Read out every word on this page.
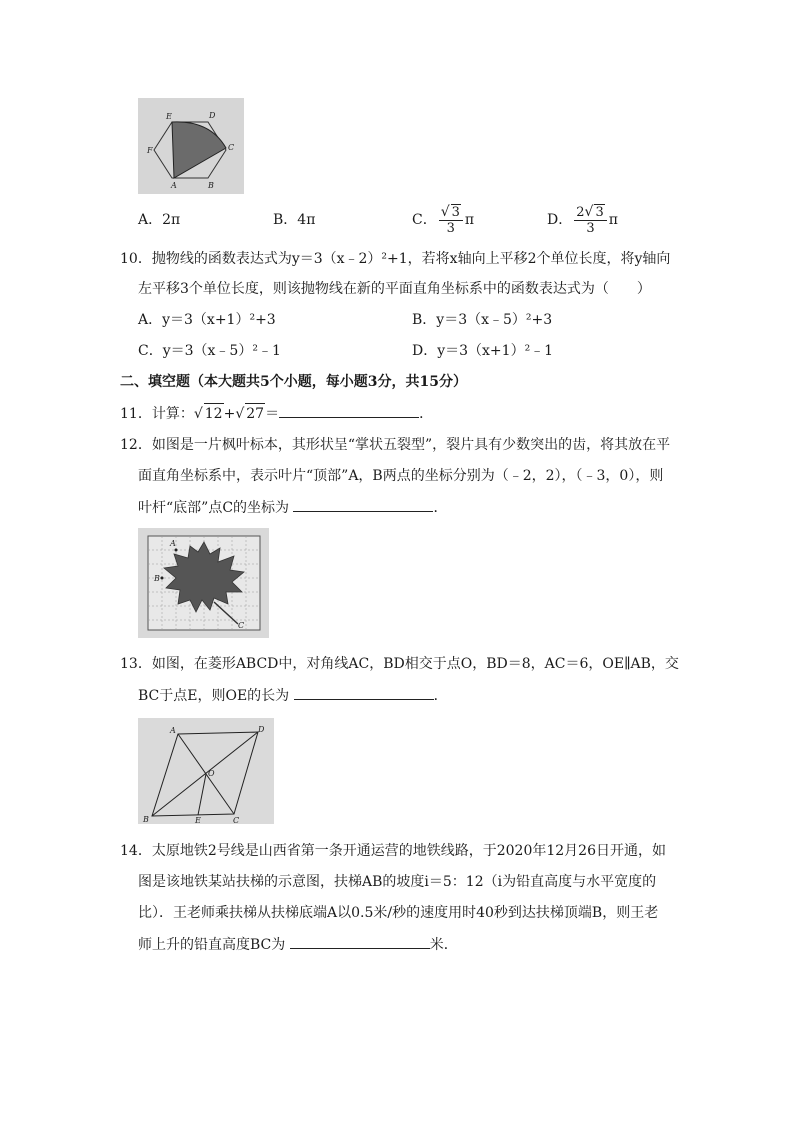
E	D
F	C
A	B
A．2π	B．4π	C． $\frac{√ 3}{3}$ π	D． $\frac{2√ 3}{3}$ π
10．抛物线的函数表达式为y＝3（x﹣2）²+1，若将x轴向上平移2个单位长度，将y轴向
左平移3个单位长度，则该抛物线在新的平面直角坐标系中的函数表达式为（　　）
A．y＝3（x+1）²+3	B．y＝3（x﹣5）²+3
C．y＝3（x﹣5）²﹣1	D．y＝3（x+1）²﹣1
二、填空题（本大题共5个小题，每小题3分，共15分）
11．计算：√ 12+√ 27＝	．
12．如图是一片枫叶标本，其形状呈“掌状五裂型”，裂片具有少数突出的齿，将其放在平
面直角坐标系中，表示叶片“顶部”A，B两点的坐标分别为（﹣2，2），（﹣3，0），则
叶杆“底部”点C的坐标为	．
A
B
C
13．如图，在菱形ABCD中，对角线AC，BD相交于点O，BD＝8，AC＝6，OE∥AB，交
BC于点E，则OE的长为	．
A	D
O
B	E	C
14．太原地铁2号线是山西省第一条开通运营的地铁线路，于2020年12月26日开通，如
图是该地铁某站扶梯的示意图，扶梯AB的坡度i＝5：12（i为铅直高度与水平宽度的
比）．王老师乘扶梯从扶梯底端A以0.5米/秒的速度用时40秒到达扶梯顶端B，则王老
师上升的铅直高度BC为	米．
